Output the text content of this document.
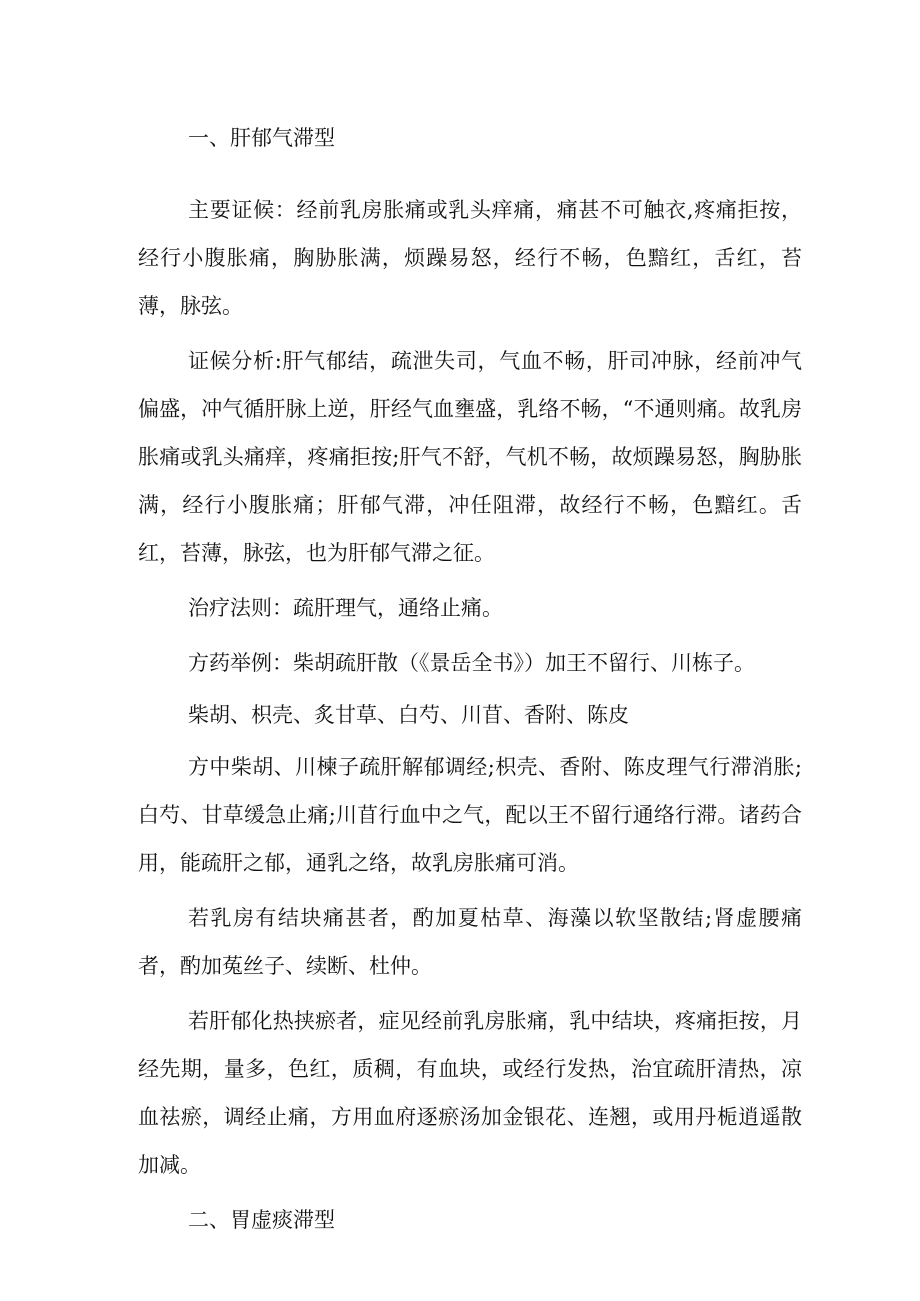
一、肝郁气滞型

主要证候：经前乳房胀痛或乳头痒痛，痛甚不可触衣,疼痛拒按，经行小腹胀痛，胸胁胀满，烦躁易怒，经行不畅，色黯红，舌红，苔薄，脉弦。

证候分析:肝气郁结，疏泄失司，气血不畅，肝司冲脉，经前冲气偏盛，冲气循肝脉上逆，肝经气血壅盛，乳络不畅，“不通则痛。故乳房胀痛或乳头痛痒，疼痛拒按;肝气不舒，气机不畅，故烦躁易怒，胸胁胀满，经行小腹胀痛；肝郁气滞，冲任阻滞，故经行不畅，色黯红。舌红，苔薄，脉弦，也为肝郁气滞之征。

治疗法则：疏肝理气，通络止痛。

方药举例：柴胡疏肝散（《景岳全书》）加王不留行、川栋子。

柴胡、枳壳、炙甘草、白芍、川苜、香附、陈皮

方中柴胡、川楝子疏肝解郁调经;枳壳、香附、陈皮理气行滞消胀;白芍、甘草缓急止痛;川苜行血中之气，配以王不留行通络行滞。诸药合用，能疏肝之郁，通乳之络，故乳房胀痛可消。

若乳房有结块痛甚者，酌加夏枯草、海藻以软坚散结;肾虚腰痛者，酌加菟丝子、续断、杜仲。

若肝郁化热挟瘀者，症见经前乳房胀痛，乳中结块，疼痛拒按，月经先期，量多，色红，质稠，有血块，或经行发热，治宜疏肝清热，凉血祛瘀，调经止痛，方用血府逐瘀汤加金银花、连翘，或用丹栀逍遥散加减。

二、胃虚痰滞型
